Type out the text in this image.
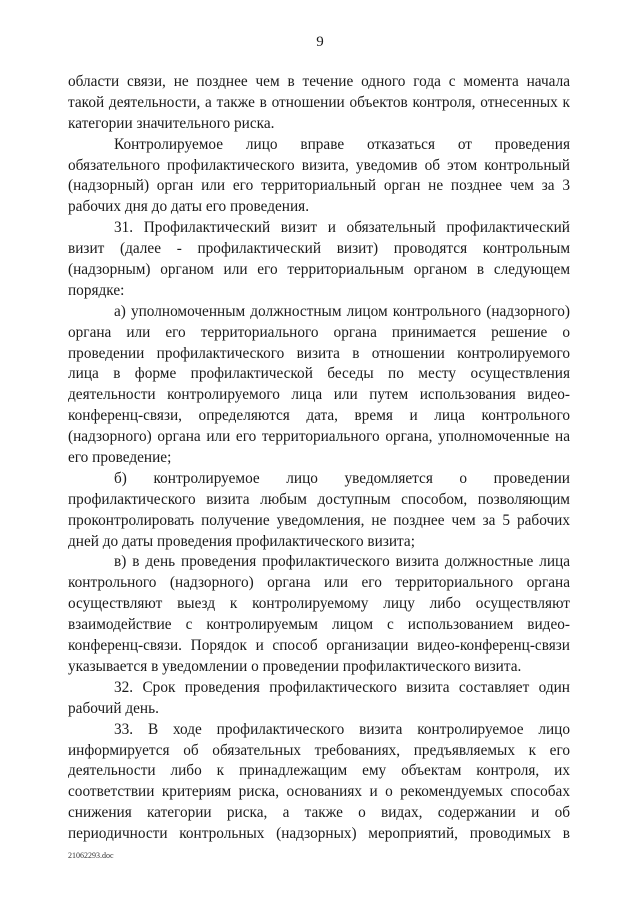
9
области связи, не позднее чем в течение одного года с момента начала
такой деятельности, а также в отношении объектов контроля, отнесенных к
категории значительного риска.
Контролируемое лицо вправе отказаться от проведения
обязательного профилактического визита, уведомив об этом контрольный
(надзорный) орган или его территориальный орган не позднее чем за 3
рабочих дня до даты его проведения.
31. Профилактический визит и обязательный профилактический
визит (далее - профилактический визит) проводятся контрольным
(надзорным) органом или его территориальным органом в следующем
порядке:
а) уполномоченным должностным лицом контрольного (надзорного)
органа или его территориального органа принимается решение о
проведении профилактического визита в отношении контролируемого
лица в форме профилактической беседы по месту осуществления
деятельности контролируемого лица или путем использования видео-
конференц-связи, определяются дата, время и лица контрольного
(надзорного) органа или его территориального органа, уполномоченные на
его проведение;
б) контролируемое лицо уведомляется о проведении
профилактического визита любым доступным способом, позволяющим
проконтролировать получение уведомления, не позднее чем за 5 рабочих
дней до даты проведения профилактического визита;
в) в день проведения профилактического визита должностные лица
контрольного (надзорного) органа или его территориального органа
осуществляют выезд к контролируемому лицу либо осуществляют
взаимодействие с контролируемым лицом с использованием видео-
конференц-связи. Порядок и способ организации видео-конференц-связи
указывается в уведомлении о проведении профилактического визита.
32. Срок проведения профилактического визита составляет один
рабочий день.
33. В ходе профилактического визита контролируемое лицо
информируется об обязательных требованиях, предъявляемых к его
деятельности либо к принадлежащим ему объектам контроля, их
соответствии критериям риска, основаниях и о рекомендуемых способах
снижения категории риска, а также о видах, содержании и об
периодичности контрольных (надзорных) мероприятий, проводимых в
21062293.doc
